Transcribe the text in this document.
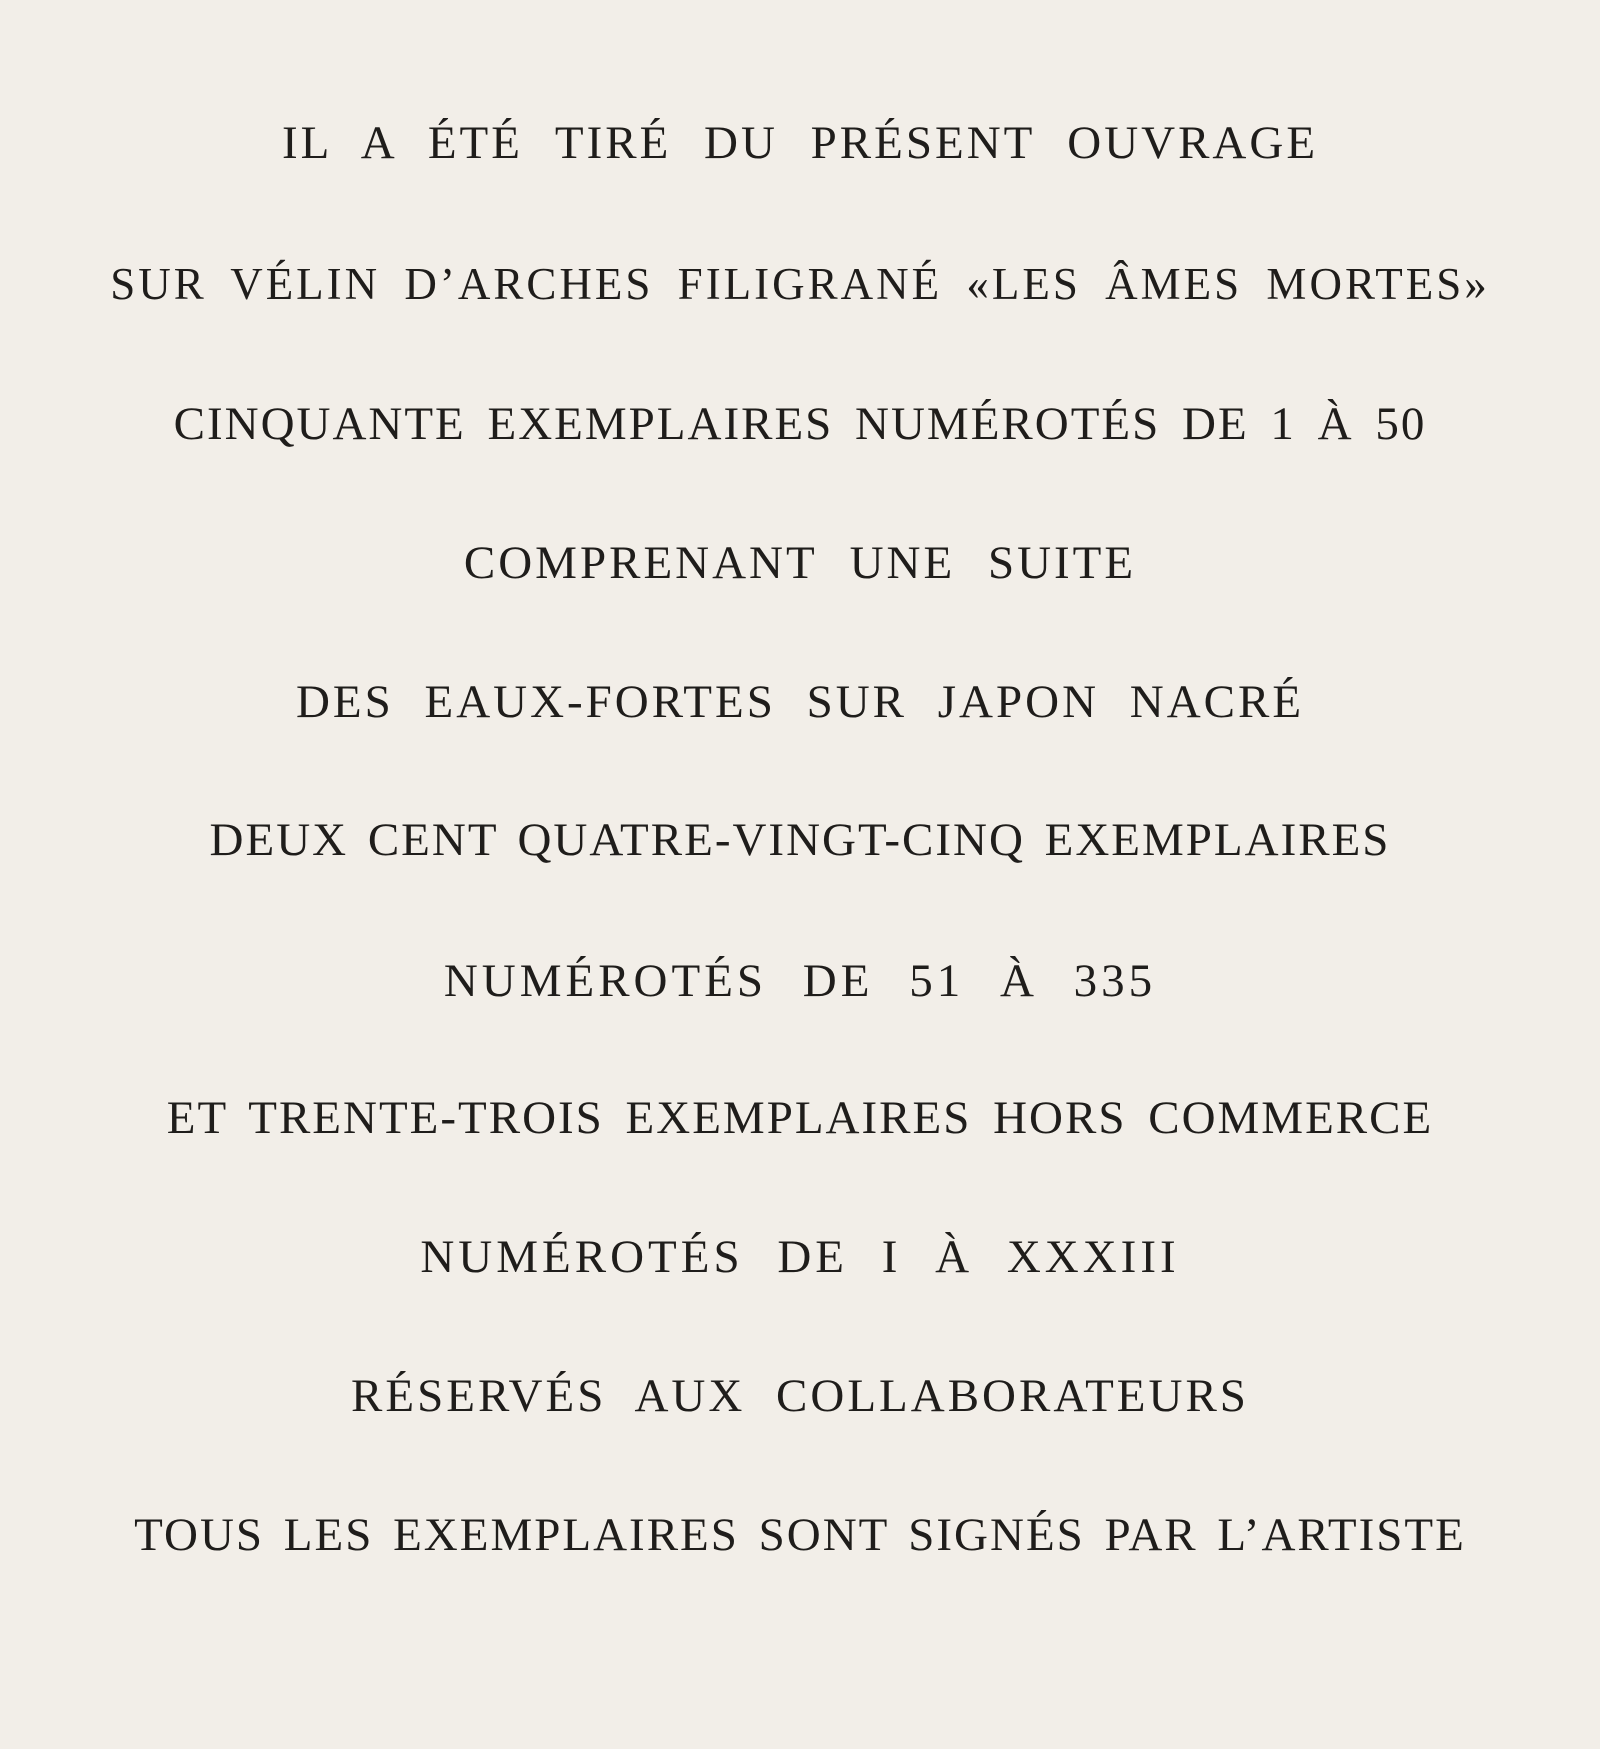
IL A ÉTÉ TIRÉ DU PRÉSENT OUVRAGE
SUR VÉLIN D’ARCHES FILIGRANÉ «LES ÂMES MORTES»
CINQUANTE EXEMPLAIRES NUMÉROTÉS DE 1 À 50
COMPRENANT UNE SUITE
DES EAUX-FORTES SUR JAPON NACRÉ
DEUX CENT QUATRE-VINGT-CINQ EXEMPLAIRES
NUMÉROTÉS DE 51 À 335
ET TRENTE-TROIS EXEMPLAIRES HORS COMMERCE
NUMÉROTÉS DE I À XXXIII
RÉSERVÉS AUX COLLABORATEURS
TOUS LES EXEMPLAIRES SONT SIGNÉS PAR L’ARTISTE
